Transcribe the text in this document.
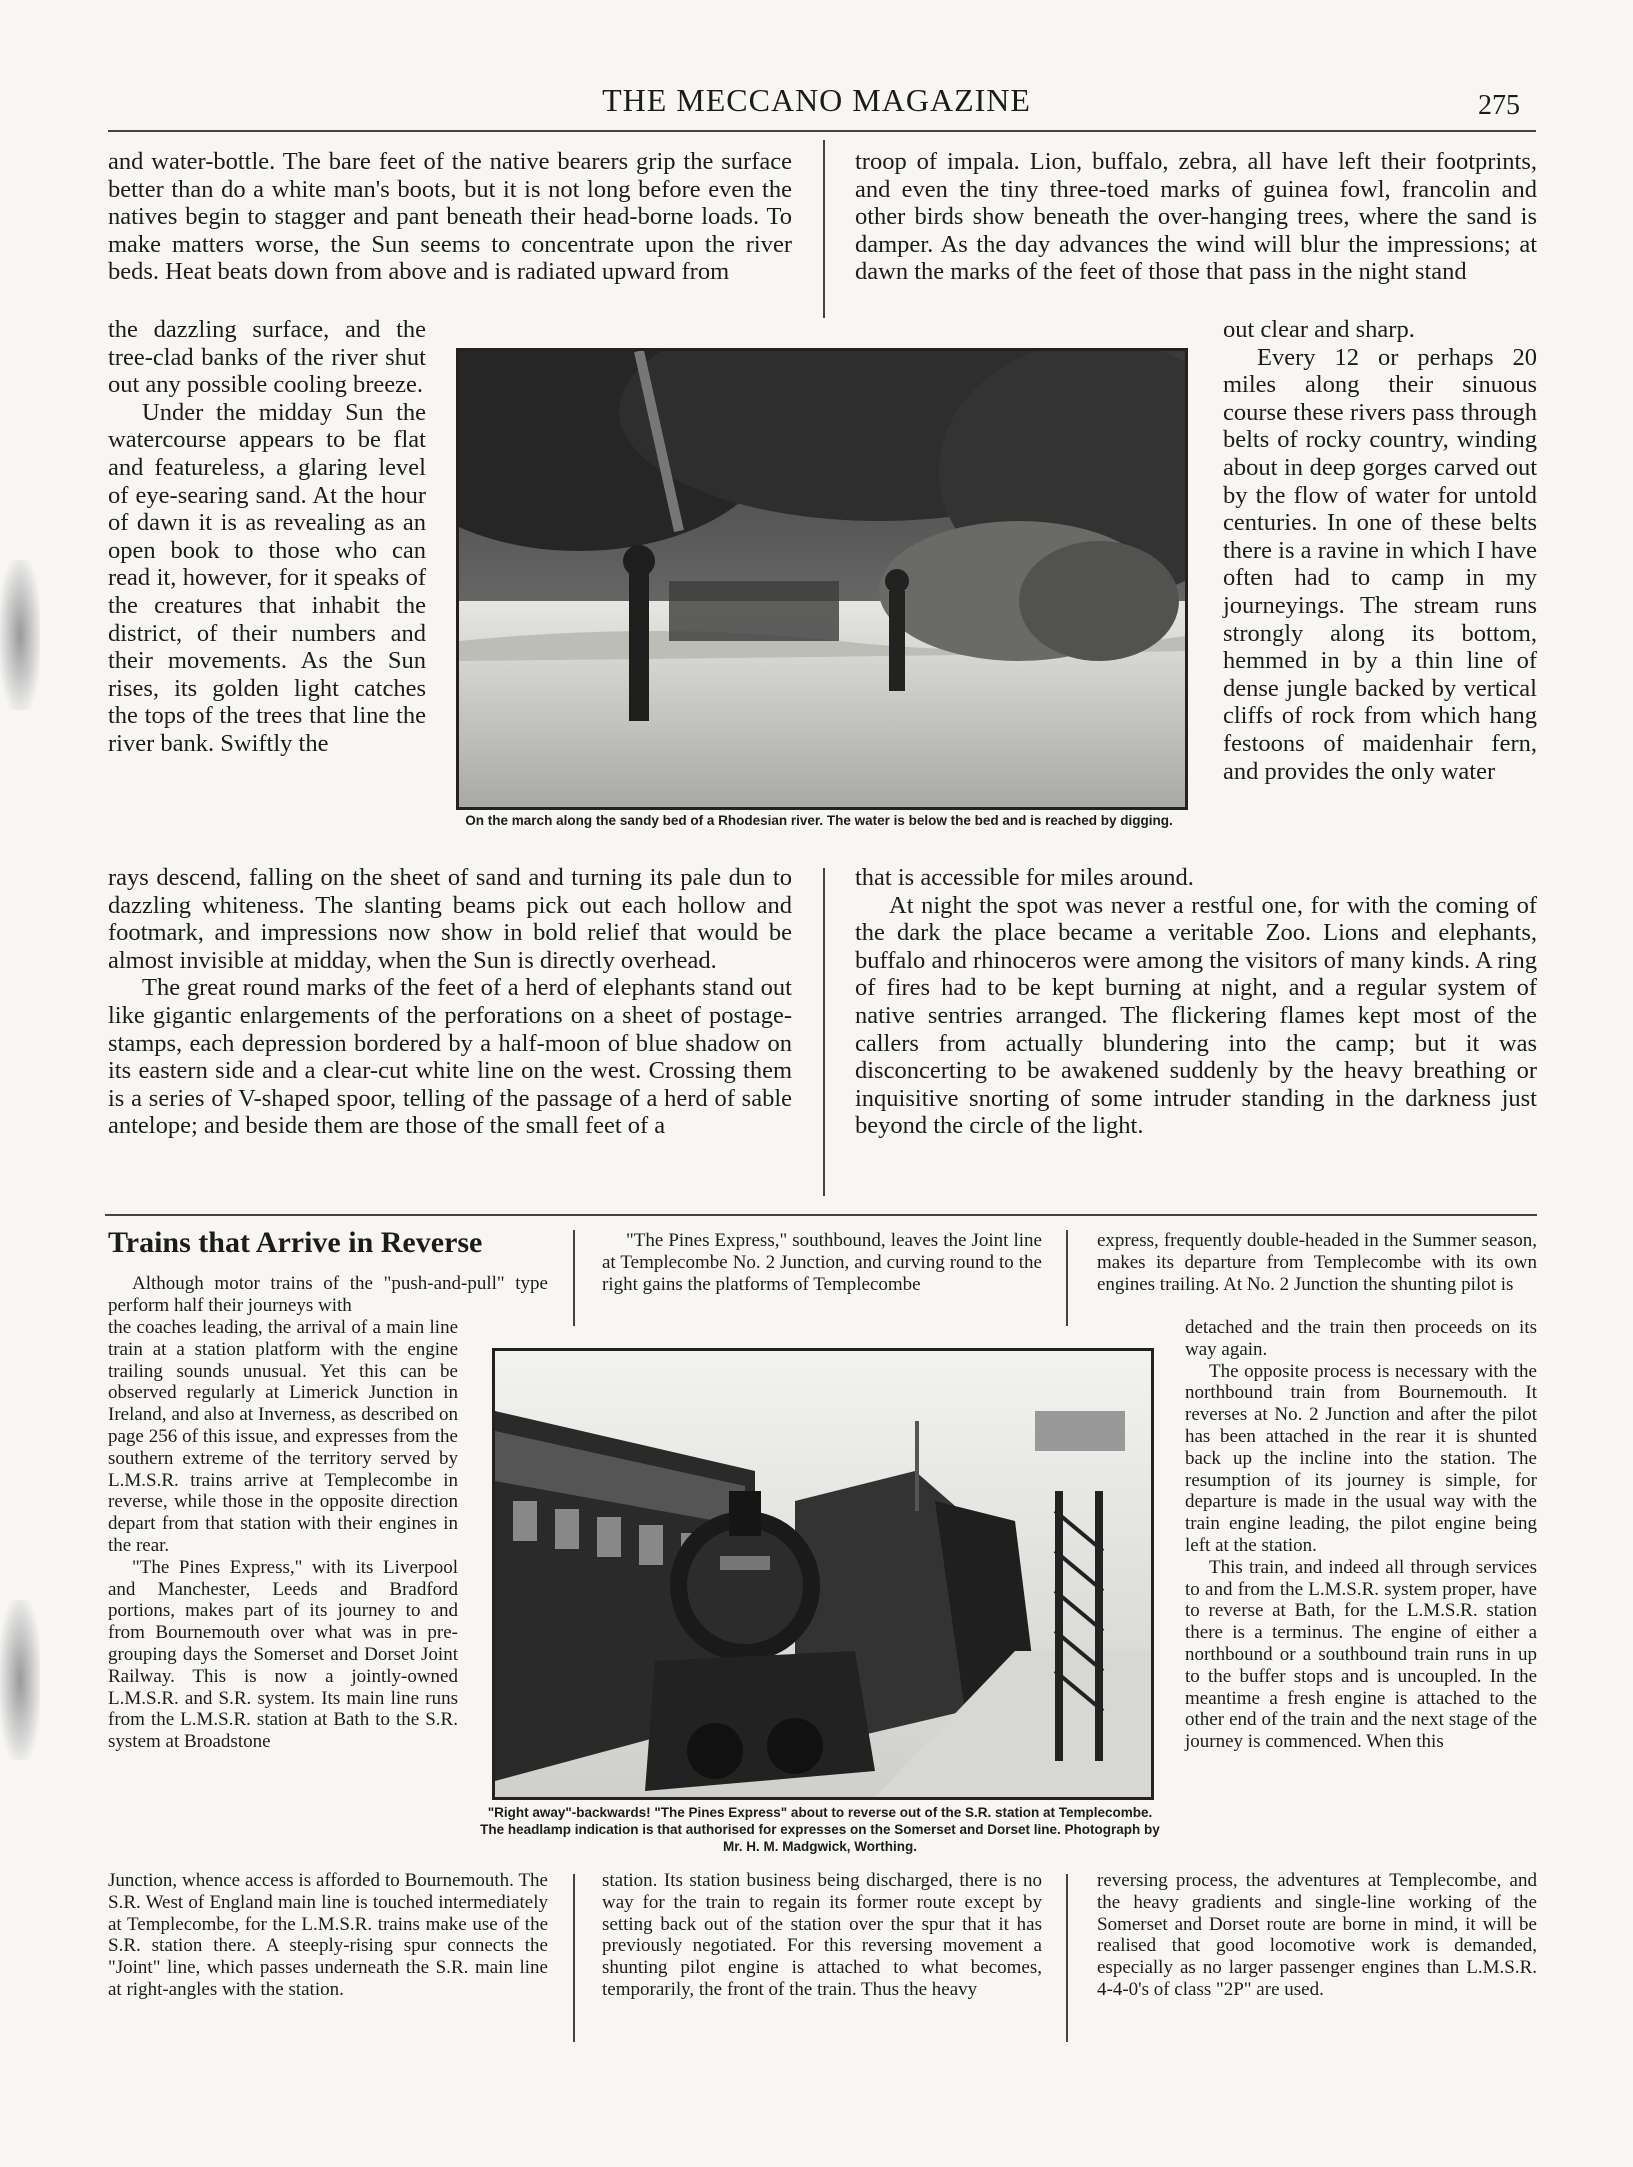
THE MECCANO MAGAZINE	275

and water-bottle. The bare feet of the native bearers grip the surface better than do a white man's boots, but it is not long before even the natives begin to stagger and pant beneath their head-borne loads. To make matters worse, the Sun seems to concentrate upon the river beds. Heat beats down from above and is radiated upward from

the dazzling surface, and the tree-clad banks of the river shut out any possible cooling breeze.

Under the midday Sun the watercourse appears to be flat and featureless, a glaring level of eye-searing sand. At the hour of dawn it is as revealing as an open book to those who can read it, however, for it speaks of the creatures that inhabit the district, of their numbers and their movements. As the Sun rises, its golden light catches the tops of the trees that line the river bank. Swiftly the

troop of impala. Lion, buffalo, zebra, all have left their footprints, and even the tiny three-toed marks of guinea fowl, francolin and other birds show beneath the over-hanging trees, where the sand is damper. As the day advances the wind will blur the impressions; at dawn the marks of the feet of those that pass in the night stand

out clear and sharp.

Every 12 or perhaps 20 miles along their sinuous course these rivers pass through belts of rocky country, winding about in deep gorges carved out by the flow of water for untold centuries. In one of these belts there is a ravine in which I have often had to camp in my journeyings. The stream runs strongly along its bottom, hemmed in by a thin line of dense jungle backed by vertical cliffs of rock from which hang festoons of maidenhair fern, and provides the only water

On the march along the sandy bed of a Rhodesian river. The water is below the bed and is reached by digging.

rays descend, falling on the sheet of sand and turning its pale dun to dazzling whiteness. The slanting beams pick out each hollow and footmark, and impressions now show in bold relief that would be almost invisible at midday, when the Sun is directly overhead.

The great round marks of the feet of a herd of elephants stand out like gigantic enlargements of the perforations on a sheet of postage-stamps, each depression bordered by a half-moon of blue shadow on its eastern side and a clear-cut white line on the west. Crossing them is a series of V-shaped spoor, telling of the passage of a herd of sable antelope; and beside them are those of the small feet of a

that is accessible for miles around.

At night the spot was never a restful one, for with the coming of the dark the place became a veritable Zoo. Lions and elephants, buffalo and rhinoceros were among the visitors of many kinds. A ring of fires had to be kept burning at night, and a regular system of native sentries arranged. The flickering flames kept most of the callers from actually blundering into the camp; but it was disconcerting to be awakened suddenly by the heavy breathing or inquisitive snorting of some intruder standing in the darkness just beyond the circle of the light.

Trains that Arrive in Reverse

Although motor trains of the "push-and-pull" type perform half their journeys with

the coaches leading, the arrival of a main line train at a station platform with the engine trailing sounds unusual. Yet this can be observed regularly at Limerick Junction in Ireland, and also at Inverness, as described on page 256 of this issue, and expresses from the southern extreme of the territory served by L.M.S.R. trains arrive at Templecombe in reverse, while those in the opposite direction depart from that station with their engines in the rear.

"The Pines Express," with its Liverpool and Manchester, Leeds and Bradford portions, makes part of its journey to and from Bournemouth over what was in pre-grouping days the Somerset and Dorset Joint Railway. This is now a jointly-owned L.M.S.R. and S.R. system. Its main line runs from the L.M.S.R. station at Bath to the S.R. system at Broadstone

Junction, whence access is afforded to Bournemouth. The S.R. West of England main line is touched intermediately at Templecombe, for the L.M.S.R. trains make use of the S.R. station there. A steeply-rising spur connects the "Joint" line, which passes underneath the S.R. main line at right-angles with the station.

"The Pines Express," southbound, leaves the Joint line at Templecombe No. 2 Junction, and curving round to the right gains the platforms of Templecombe

"Right away"-backwards! "The Pines Express" about to reverse out of the S.R. station at Templecombe. The headlamp indication is that authorised for expresses on the Somerset and Dorset line. Photograph by Mr. H. M. Madgwick, Worthing.

station. Its station business being discharged, there is no way for the train to regain its former route except by setting back out of the station over the spur that it has previously negotiated. For this reversing movement a shunting pilot engine is attached to what becomes, temporarily, the front of the train. Thus the heavy

express, frequently double-headed in the Summer season, makes its departure from Templecombe with its own engines trailing. At No. 2 Junction the shunting pilot is

detached and the train then proceeds on its way again.

The opposite process is necessary with the northbound train from Bournemouth. It reverses at No. 2 Junction and after the pilot has been attached in the rear it is shunted back up the incline into the station. The resumption of its journey is simple, for departure is made in the usual way with the train engine leading, the pilot engine being left at the station.

This train, and indeed all through services to and from the L.M.S.R. system proper, have to reverse at Bath, for the L.M.S.R. station there is a terminus. The engine of either a northbound or a southbound train runs in up to the buffer stops and is uncoupled. In the meantime a fresh engine is attached to the other end of the train and the next stage of the journey is commenced. When this

reversing process, the adventures at Templecombe, and the heavy gradients and single-line working of the Somerset and Dorset route are borne in mind, it will be realised that good locomotive work is demanded, especially as no larger passenger engines than L.M.S.R. 4-4-0's of class "2P" are used.
